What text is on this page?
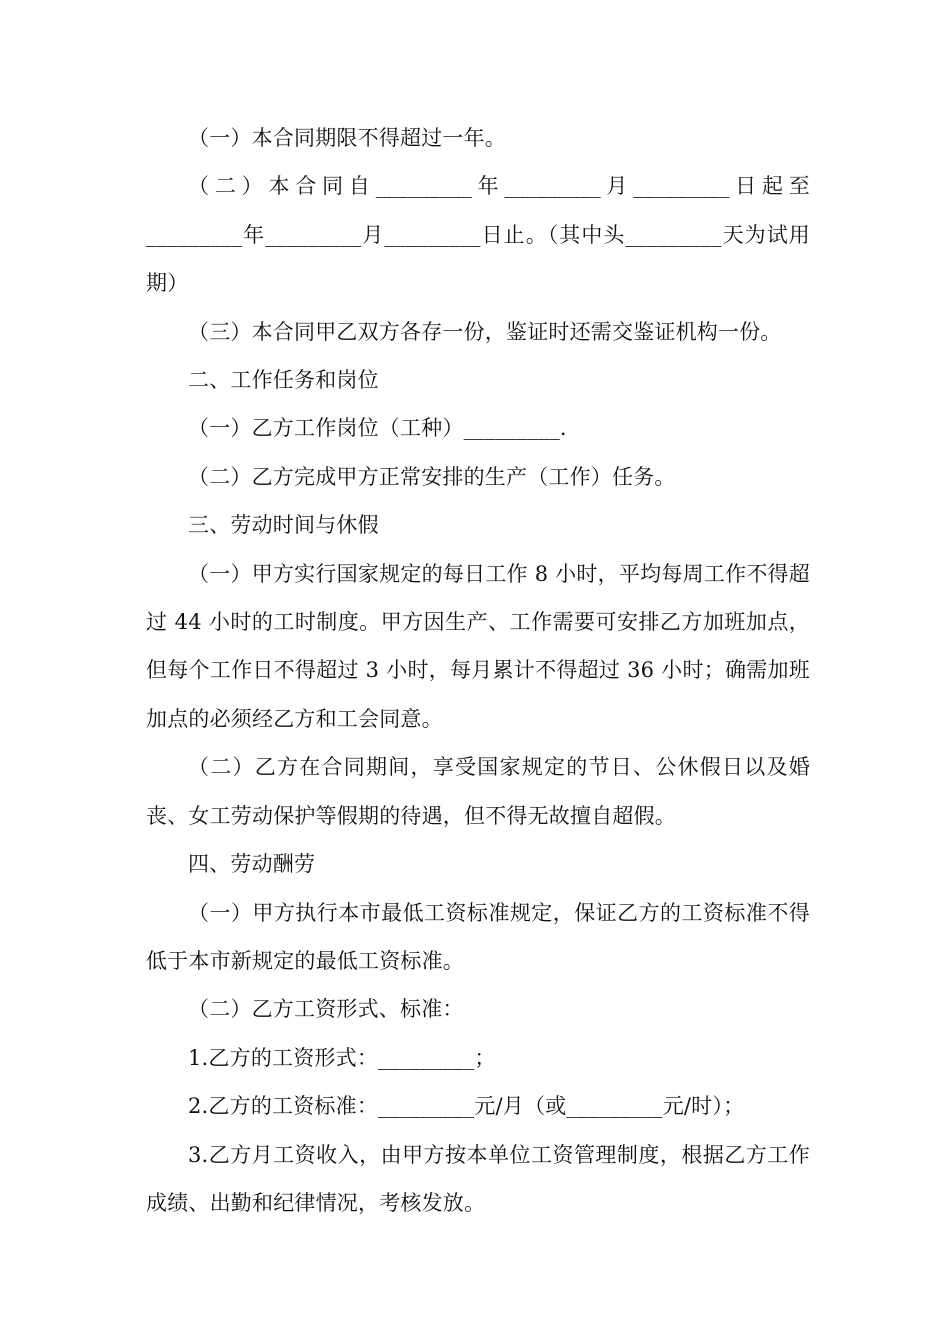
（一）本合同期限不得超过一年。

（二）本合同自_________年_________月_________日起至_________年_________月_________日止。（其中头_________天为试用期）

（三）本合同甲乙双方各存一份，鉴证时还需交鉴证机构一份。

二、工作任务和岗位

（一）乙方工作岗位（工种）_________.

（二）乙方完成甲方正常安排的生产（工作）任务。

三、劳动时间与休假

（一）甲方实行国家规定的每日工作 8 小时，平均每周工作不得超过 44 小时的工时制度。甲方因生产、工作需要可安排乙方加班加点，但每个工作日不得超过 3 小时，每月累计不得超过 36 小时；确需加班加点的必须经乙方和工会同意。

（二）乙方在合同期间，享受国家规定的节日、公休假日以及婚丧、女工劳动保护等假期的待遇，但不得无故擅自超假。

四、劳动酬劳

（一）甲方执行本市最低工资标准规定，保证乙方的工资标准不得低于本市新规定的最低工资标准。

（二）乙方工资形式、标准：

1.乙方的工资形式：_________；

2.乙方的工资标准：_________元/月（或_________元/时）；

3.乙方月工资收入，由甲方按本单位工资管理制度，根据乙方工作成绩、出勤和纪律情况，考核发放。
